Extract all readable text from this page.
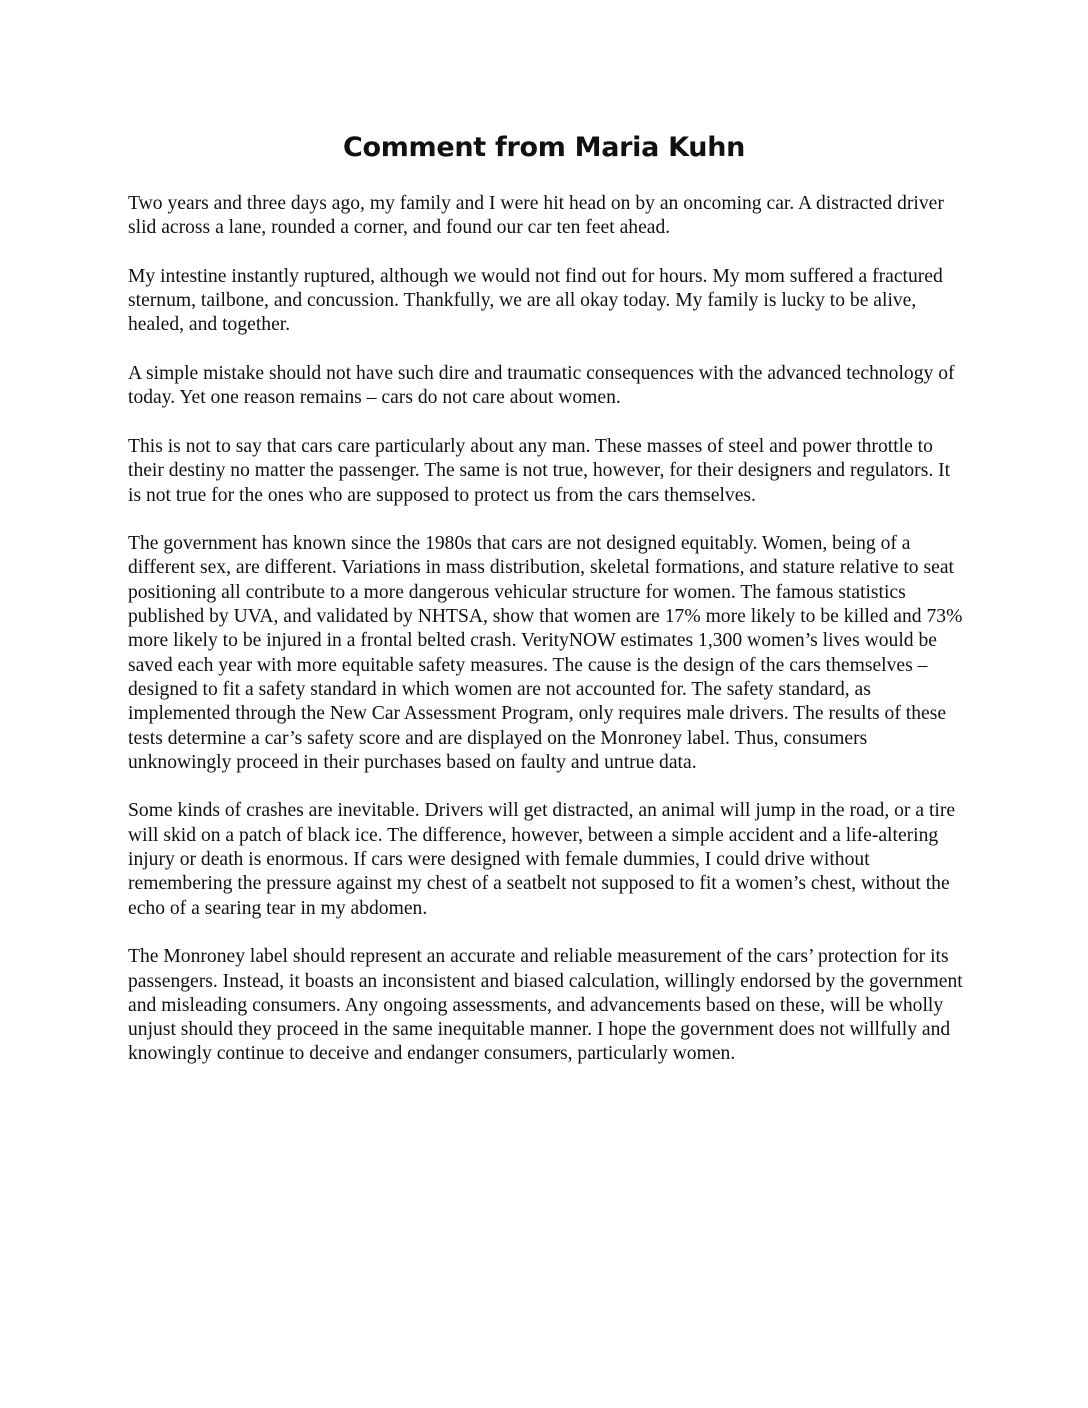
Comment from Maria Kuhn

Two years and three days ago, my family and I were hit head on by an oncoming car. A distracted driver slid across a lane, rounded a corner, and found our car ten feet ahead.

My intestine instantly ruptured, although we would not find out for hours. My mom suffered a fractured sternum, tailbone, and concussion. Thankfully, we are all okay today. My family is lucky to be alive, healed, and together.

A simple mistake should not have such dire and traumatic consequences with the advanced technology of today. Yet one reason remains – cars do not care about women.

This is not to say that cars care particularly about any man. These masses of steel and power throttle to their destiny no matter the passenger. The same is not true, however, for their designers and regulators. It is not true for the ones who are supposed to protect us from the cars themselves.

The government has known since the 1980s that cars are not designed equitably. Women, being of a different sex, are different. Variations in mass distribution, skeletal formations, and stature relative to seat positioning all contribute to a more dangerous vehicular structure for women. The famous statistics published by UVA, and validated by NHTSA, show that women are 17% more likely to be killed and 73% more likely to be injured in a frontal belted crash. VerityNOW estimates 1,300 women’s lives would be saved each year with more equitable safety measures. The cause is the design of the cars themselves – designed to fit a safety standard in which women are not accounted for. The safety standard, as implemented through the New Car Assessment Program, only requires male drivers. The results of these tests determine a car’s safety score and are displayed on the Monroney label. Thus, consumers unknowingly proceed in their purchases based on faulty and untrue data.

Some kinds of crashes are inevitable. Drivers will get distracted, an animal will jump in the road, or a tire will skid on a patch of black ice. The difference, however, between a simple accident and a life-altering injury or death is enormous. If cars were designed with female dummies, I could drive without remembering the pressure against my chest of a seatbelt not supposed to fit a women’s chest, without the echo of a searing tear in my abdomen.

The Monroney label should represent an accurate and reliable measurement of the cars’ protection for its passengers. Instead, it boasts an inconsistent and biased calculation, willingly endorsed by the government and misleading consumers. Any ongoing assessments, and advancements based on these, will be wholly unjust should they proceed in the same inequitable manner. I hope the government does not willfully and knowingly continue to deceive and endanger consumers, particularly women.
